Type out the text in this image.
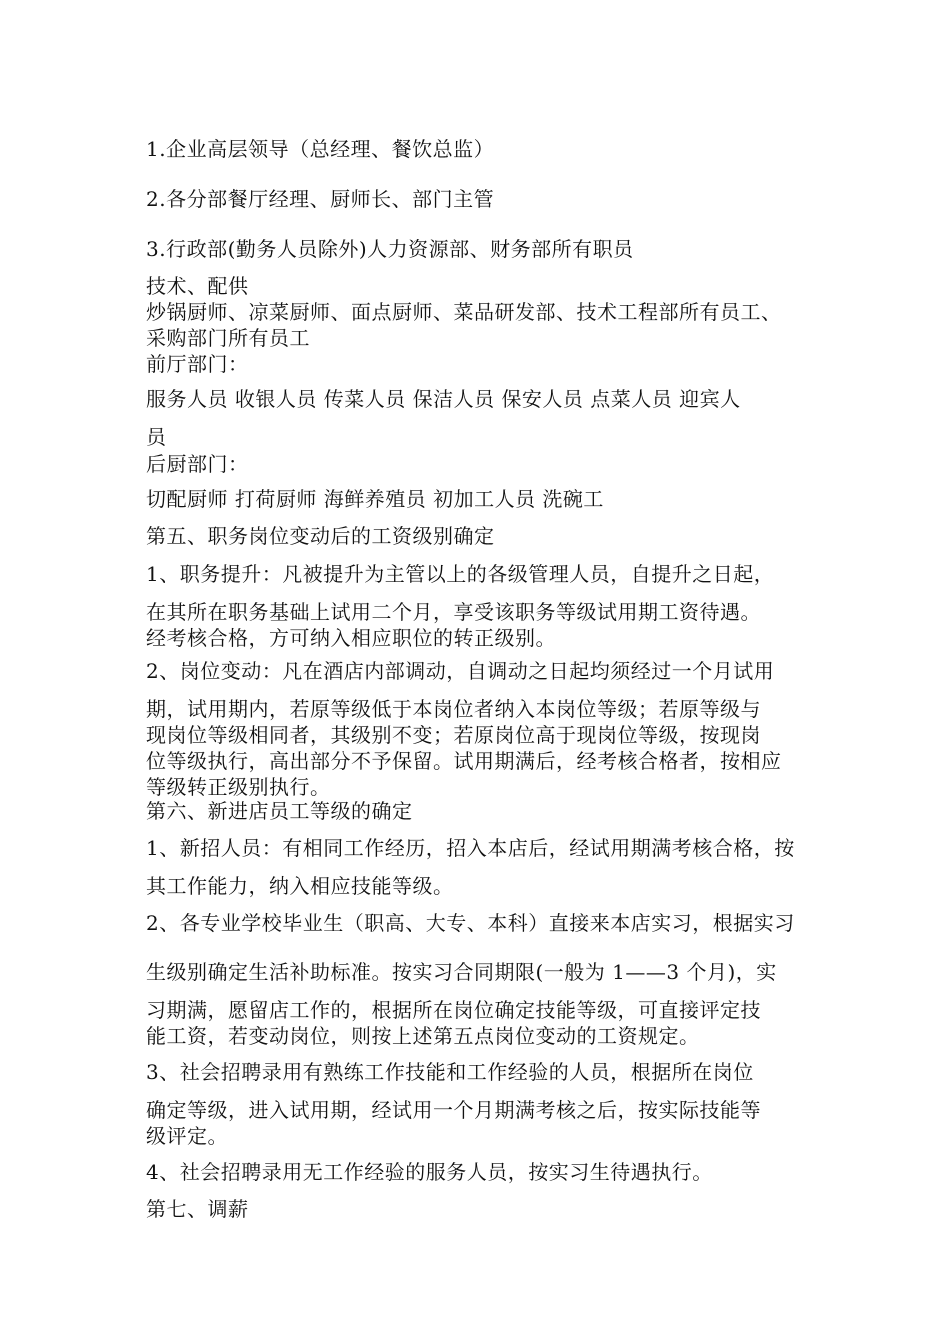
1.企业高层领导（总经理、餐饮总监）
2.各分部餐厅经理、厨师长、部门主管
3.行政部(勤务人员除外)人力资源部、财务部所有职员
技术、配供
炒锅厨师、凉菜厨师、面点厨师、菜品研发部、技术工程部所有员工、
采购部门所有员工
前厅部门：
服务人员 收银人员 传菜人员 保洁人员 保安人员 点菜人员 迎宾人
员
后厨部门：
切配厨师 打荷厨师 海鲜养殖员 初加工人员 洗碗工
第五、职务岗位变动后的工资级别确定
1、职务提升：凡被提升为主管以上的各级管理人员，自提升之日起，
在其所在职务基础上试用二个月，享受该职务等级试用期工资待遇。
经考核合格，方可纳入相应职位的转正级别。
2、岗位变动：凡在酒店内部调动，自调动之日起均须经过一个月试用
期，试用期内，若原等级低于本岗位者纳入本岗位等级；若原等级与
现岗位等级相同者，其级别不变；若原岗位高于现岗位等级，按现岗
位等级执行，高出部分不予保留。试用期满后，经考核合格者，按相应
等级转正级别执行。
第六、新进店员工等级的确定
1、新招人员：有相同工作经历，招入本店后，经试用期满考核合格，按
其工作能力，纳入相应技能等级。
2、各专业学校毕业生（职高、大专、本科）直接来本店实习，根据实习
生级别确定生活补助标准。按实习合同期限(一般为 1——3 个月)，实
习期满，愿留店工作的，根据所在岗位确定技能等级，可直接评定技
能工资，若变动岗位，则按上述第五点岗位变动的工资规定。
3、社会招聘录用有熟练工作技能和工作经验的人员，根据所在岗位
确定等级，进入试用期，经试用一个月期满考核之后，按实际技能等
级评定。
4、社会招聘录用无工作经验的服务人员，按实习生待遇执行。
第七、调薪
